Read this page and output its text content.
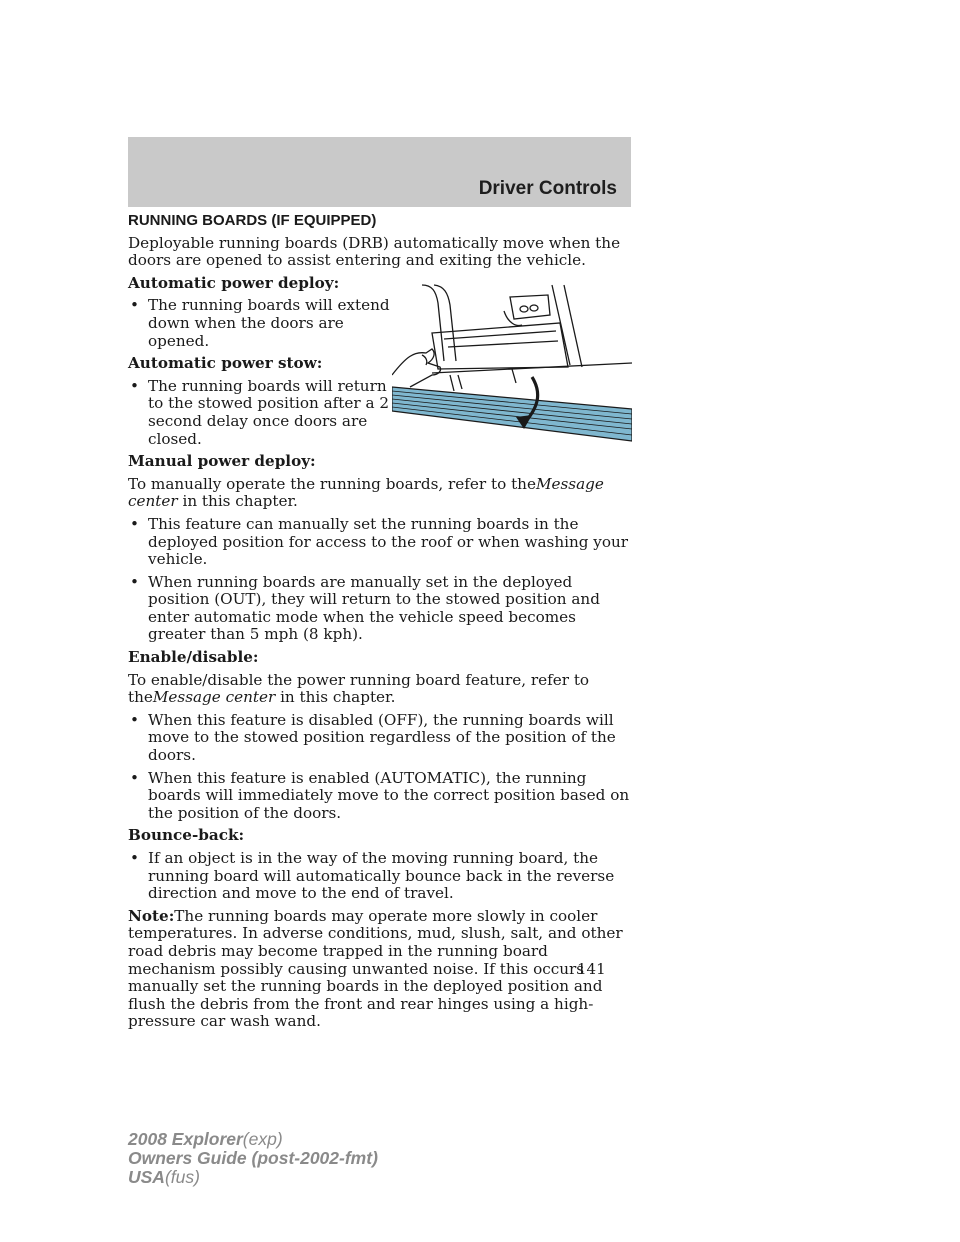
Driver Controls
RUNNING BOARDS (IF EQUIPPED)

Deployable running boards (DRB) automatically move when the doors are opened to assist entering and exiting the vehicle.

Automatic power deploy:
• The running boards will extend down when the doors are opened.
Automatic power stow:
• The running boards will return to the stowed position after a 2 second delay once doors are closed.
Manual power deploy:

To manually operate the running boards, refer to theMessage center in this chapter.

• This feature can manually set the running boards in the deployed position for access to the roof or when washing your vehicle.
• When running boards are manually set in the deployed position (OUT), they will return to the stowed position and enter automatic mode when the vehicle speed becomes greater than 5 mph (8 kph).
Enable/disable:

To enable/disable the power running board feature, refer to theMessage center in this chapter.

• When this feature is disabled (OFF), the running boards will move to the stowed position regardless of the position of the doors.
• When this feature is enabled (AUTOMATIC), the running boards will immediately move to the correct position based on the position of the doors.
Bounce-back:
• If an object is in the way of the moving running board, the running board will automatically bounce back in the reverse direction and move to the end of travel.

Note:The running boards may operate more slowly in cooler temperatures. In adverse conditions, mud, slush, salt, and other road debris may become trapped in the running board mechanism possibly causing unwanted noise. If this occurs manually set the running boards in the deployed position and flush the debris from the front and rear hinges using a high-pressure car wash wand.

141
2008 Explorer(exp)
Owners Guide (post-2002-fmt)
USA(fus)
